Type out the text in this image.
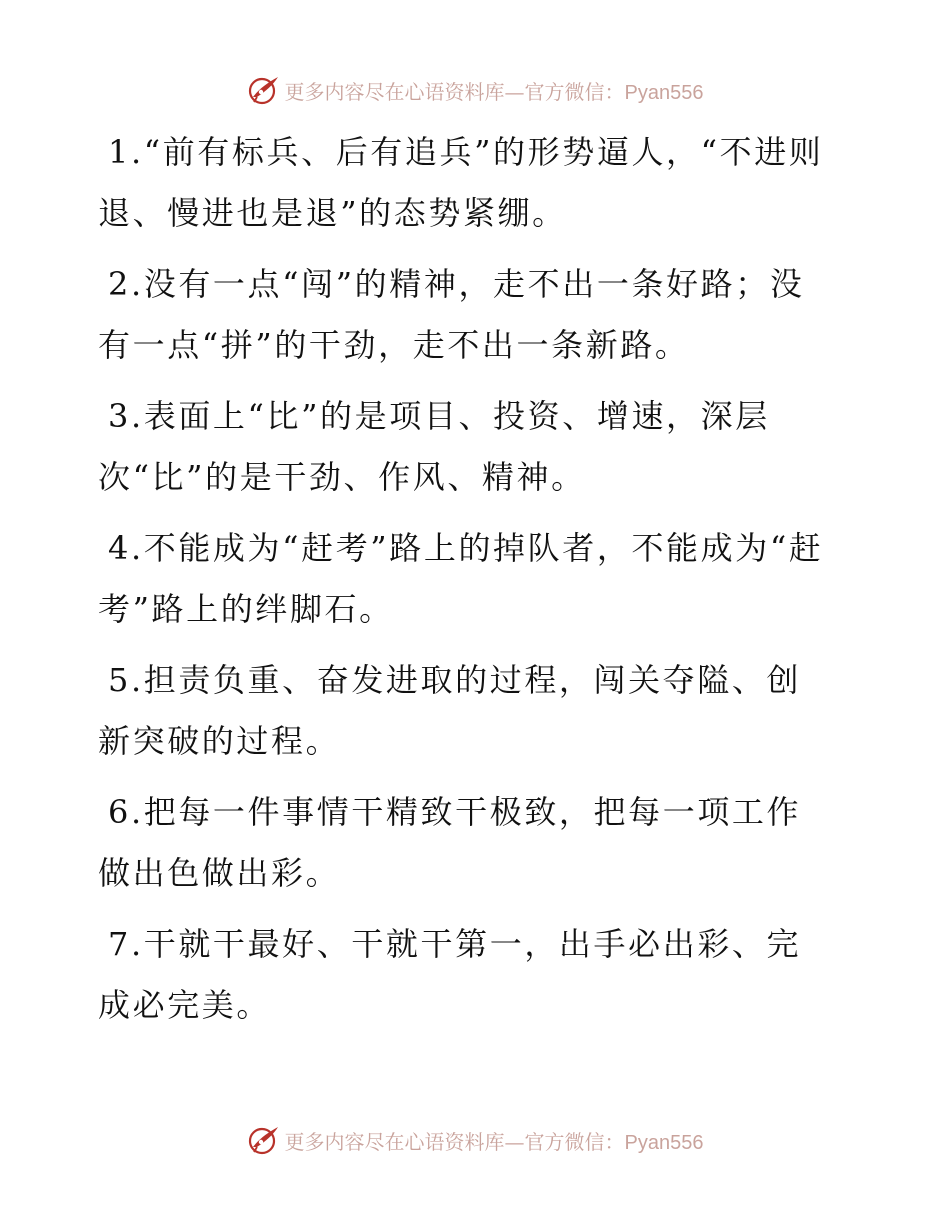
更多内容尽在心语资料库—官方微信：Pyan556

1.“前有标兵、后有追兵”的形势逼人，“不进则退、慢进也是退”的态势紧绷。

2.没有一点“闯”的精神，走不出一条好路；没有一点“拼”的干劲，走不出一条新路。

3.表面上“比”的是项目、投资、增速，深层次“比”的是干劲、作风、精神。

4.不能成为“赶考”路上的掉队者，不能成为“赶考”路上的绊脚石。

5.担责负重、奋发进取的过程，闯关夺隘、创新突破的过程。

6.把每一件事情干精致干极致，把每一项工作做出色做出彩。

7.干就干最好、干就干第一，出手必出彩、完成必完美。

更多内容尽在心语资料库—官方微信：Pyan556
